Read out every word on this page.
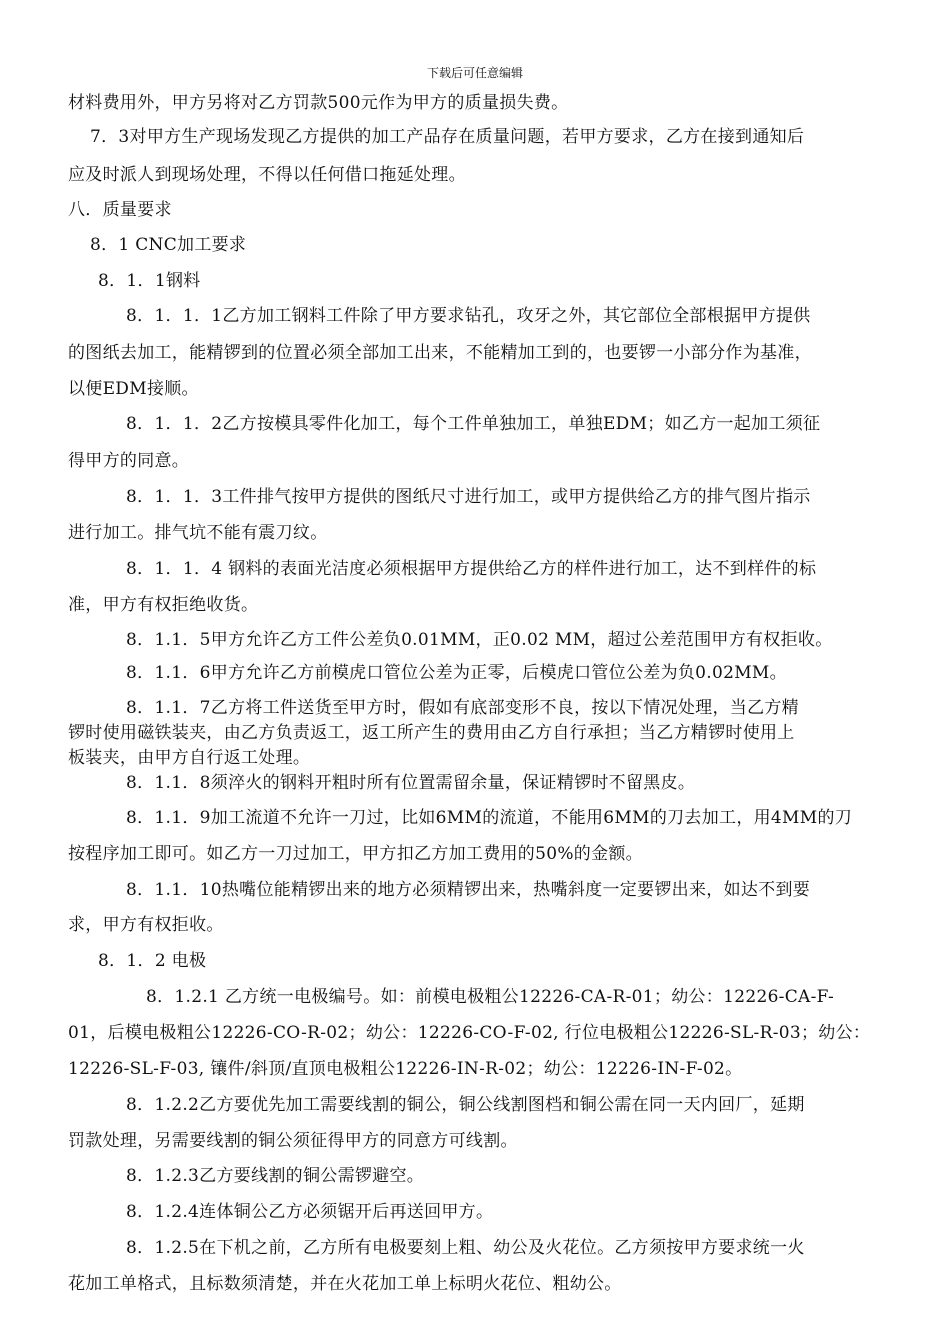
下载后可任意编辑
材料费用外，甲方另将对乙方罚款500元作为甲方的质量损失费。
7．3对甲方生产现场发现乙方提供的加工产品存在质量问题，若甲方要求，乙方在接到通知后
应及时派人到现场处理，不得以任何借口拖延处理。
八．质量要求
8．1 CNC加工要求
8．1．1钢料
8．1．1．1乙方加工钢料工件除了甲方要求钻孔，攻牙之外，其它部位全部根据甲方提供
的图纸去加工，能精锣到的位置必须全部加工出来，不能精加工到的，也要锣一小部分作为基准，
以便EDM接顺。
8．1．1．2乙方按模具零件化加工，每个工件单独加工，单独EDM；如乙方一起加工须征
得甲方的同意。
8．1．1．3工件排气按甲方提供的图纸尺寸进行加工，或甲方提供给乙方的排气图片指示
进行加工。排气坑不能有震刀纹。
8．1．1．4 钢料的表面光洁度必须根据甲方提供给乙方的样件进行加工，达不到样件的标
准，甲方有权拒绝收货。
8．1.1．5甲方允许乙方工件公差负0.01MM，正0.02 MM，超过公差范围甲方有权拒收。
8．1.1．6甲方允许乙方前模虎口管位公差为正零，后模虎口管位公差为负0.02MM。
8．1.1．7乙方将工件送货至甲方时，假如有底部变形不良，按以下情况处理，当乙方精
锣时使用磁铁装夹，由乙方负责返工，返工所产生的费用由乙方自行承担；当乙方精锣时使用上
板装夹，由甲方自行返工处理。
8．1.1．8须淬火的钢料开粗时所有位置需留余量，保证精锣时不留黑皮。
8．1.1．9加工流道不允许一刀过，比如6MM的流道，不能用6MM的刀去加工，用4MM的刀
按程序加工即可。如乙方一刀过加工，甲方扣乙方加工费用的50%的金额。
8．1.1．10热嘴位能精锣出来的地方必须精锣出来，热嘴斜度一定要锣出来，如达不到要
求，甲方有权拒收。
8．1．2 电极
8．1.2.1 乙方统一电极编号。如：前模电极粗公12226-CA-R-01；幼公：12226-CA-F-
01，后模电极粗公12226-CO-R-02；幼公：12226-CO-F-02, 行位电极粗公12226-SL-R-03；幼公：
12226-SL-F-03, 镶件/斜顶/直顶电极粗公12226-IN-R-02；幼公：12226-IN-F-02。
8．1.2.2乙方要优先加工需要线割的铜公，铜公线割图档和铜公需在同一天内回厂，延期
罚款处理，另需要线割的铜公须征得甲方的同意方可线割。
8．1.2.3乙方要线割的铜公需锣避空。
8．1.2.4连体铜公乙方必须锯开后再送回甲方。
8．1.2.5在下机之前，乙方所有电极要刻上粗、幼公及火花位。乙方须按甲方要求统一火
花加工单格式，且标数须清楚，并在火花加工单上标明火花位、粗幼公。
